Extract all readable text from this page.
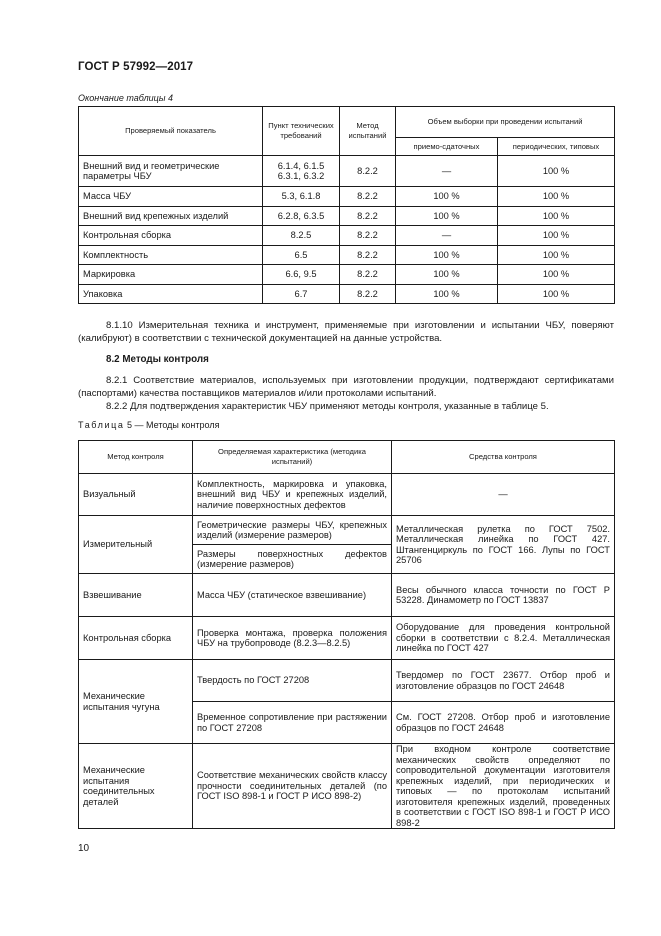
ГОСТ Р 57992—2017
Окончание таблицы 4
Проверяемый показатель	Пункт технических требований	Метод испытаний	Объем выборки при проведении испытаний	
			приемо-сдаточных	периодических, типовых
Внешний вид и геометрические параметры ЧБУ	6.1.4, 6.1.5 6.3.1, 6.3.2	8.2.2	—	100 %
Масса ЧБУ	5.3, 6.1.8	8.2.2	100 %	100 %
Внешний вид крепежных изделий	6.2.8, 6.3.5	8.2.2	100 %	100 %
Контрольная сборка	8.2.5	8.2.2	—	100 %
Комплектность	6.5	8.2.2	100 %	100 %
Маркировка	6.6, 9.5	8.2.2	100 %	100 %
Упаковка	6.7	8.2.2	100 %	100 %
8.1.10 Измерительная техника и инструмент, применяемые при изготовлении и испытании ЧБУ, поверяют (калибруют) в соответствии с технической документацией на данные устройства.
8.2 Методы контроля
8.2.1 Соответствие материалов, используемых при изготовлении продукции, подтверждают сертификатами (паспортами) качества поставщиков материалов и/или протоколами испытаний.
8.2.2 Для подтверждения характеристик ЧБУ применяют методы контроля, указанные в таблице 5.
Таблица 5 — Методы контроля
Метод контроля	Определяемая характеристика (методика испытаний)	Средства контроля
Визуальный	Комплектность, маркировка и упаковка, внешний вид ЧБУ и крепежных изделий, наличие поверхностных дефектов	—
Измерительный	Геометрические размеры ЧБУ, крепежных изделий (измерение размеров)	Металлическая рулетка по ГОСТ 7502. Металлическая линейка по ГОСТ 427. Штангенциркуль по ГОСТ 166. Лупы по ГОСТ 25706
	Размеры поверхностных дефектов (измерение размеров)	
Взвешивание	Масса ЧБУ (статическое взвешивание)	Весы обычного класса точности по ГОСТ Р 53228. Динамометр по ГОСТ 13837
Контрольная сборка	Проверка монтажа, проверка положения ЧБУ на трубопроводе (8.2.3—8.2.5)	Оборудование для проведения контрольной сборки в соответствии с 8.2.4. Металлическая линейка по ГОСТ 427
Механические испытания чугуна	Твердость по ГОСТ 27208	Твердомер по ГОСТ 23677. Отбор проб и изготовление образцов по ГОСТ 24648
	Временное сопротивление при растяжении по ГОСТ 27208	См. ГОСТ 27208. Отбор проб и изготовление образцов по ГОСТ 24648
Механические испытания соединительных деталей	Соответствие механических свойств классу прочности соединительных деталей (по ГОСТ ISO 898-1 и ГОСТ Р ИСО 898-2)	При входном контроле соответствие механических свойств определяют по сопроводительной документации изготовителя крепежных изделий, при периодических и типовых — по протоколам испытаний изготовителя крепежных изделий, проведенных в соответствии с ГОСТ ISO 898-1 и ГОСТ Р ИСО 898-2
10
